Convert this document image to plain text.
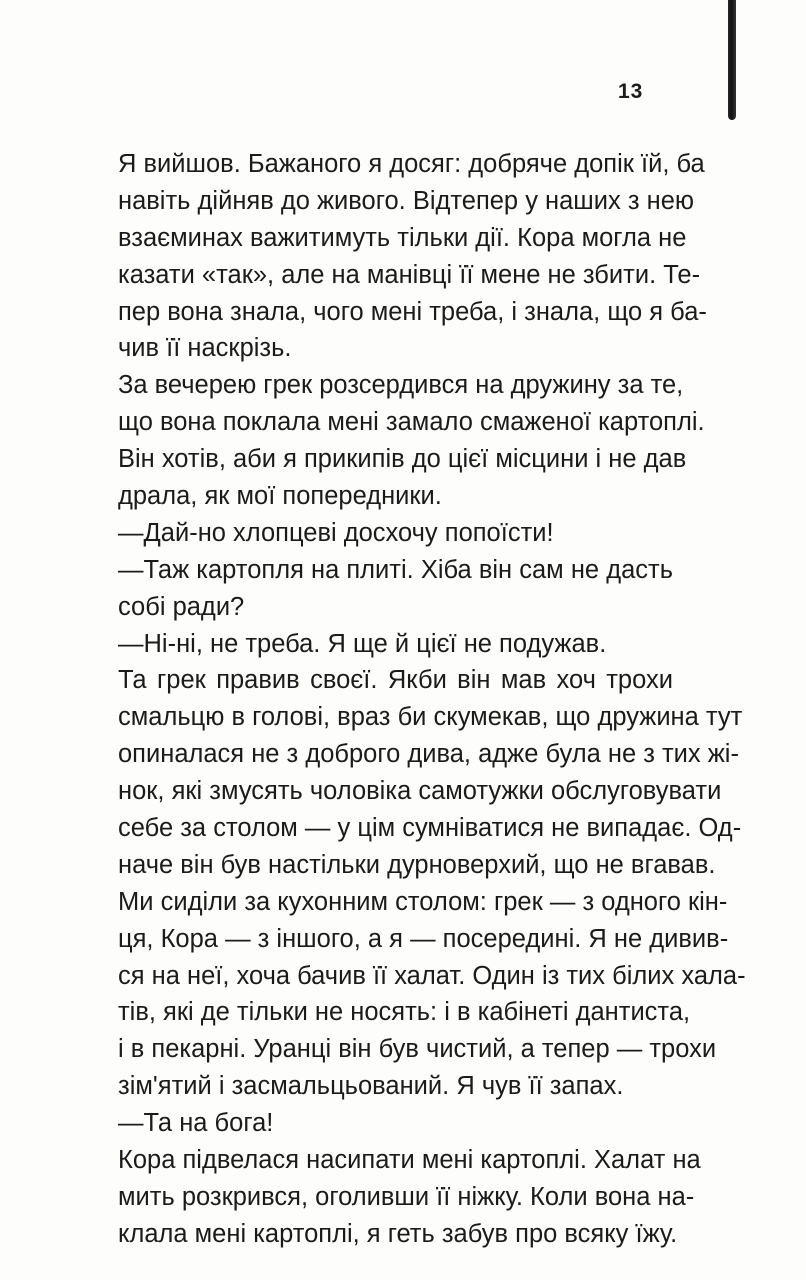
13
Я вийшов. Бажаного я досяг: добряче допік їй, ба
навіть дійняв до живого. Відтепер у наших з нею
взаєминах важитимуть тільки дії. Кора могла не
казати «так», але на манівці її мене не збити. Те-
пер вона знала, чого мені треба, і знала, що я ба-
чив її наскрізь.
За вечерею грек розсердився на дружину за те,
що вона поклала мені замало смаженої картоплі.
Він хотів, аби я прикипів до цієї місцини і не дав
драла, як мої попередники.
—Дай-но хлопцеві досхочу попоїсти!
—Таж картопля на плиті. Хіба він сам не дасть
собі ради?
—Ні-ні, не треба. Я ще й цієї не подужав.
Та грек правив своєї. Якби він мав хоч трохи
смальцю в голові, враз би скумекав, що дружина тут
опиналася не з доброго дива, адже була не з тих жі-
нок, які змусять чоловіка самотужки обслуговувати
себе за столом — у цім сумніватися не випадає. Од-
наче він був настільки дурноверхий, що не вгавав.
Ми сиділи за кухонним столом: грек — з одного кін-
ця, Кора — з іншого, а я — посередині. Я не дивив-
ся на неї, хоча бачив її халат. Один із тих білих хала-
тів, які де тільки не носять: і в кабінеті дантиста,
і в пекарні. Уранці він був чистий, а тепер — трохи
зім'ятий і засмальцьований. Я чув її запах.
—Та на бога!
Кора підвелася насипати мені картоплі. Халат на
мить розкрився, оголивши її ніжку. Коли вона на-
клала мені картоплі, я геть забув про всяку їжу.
